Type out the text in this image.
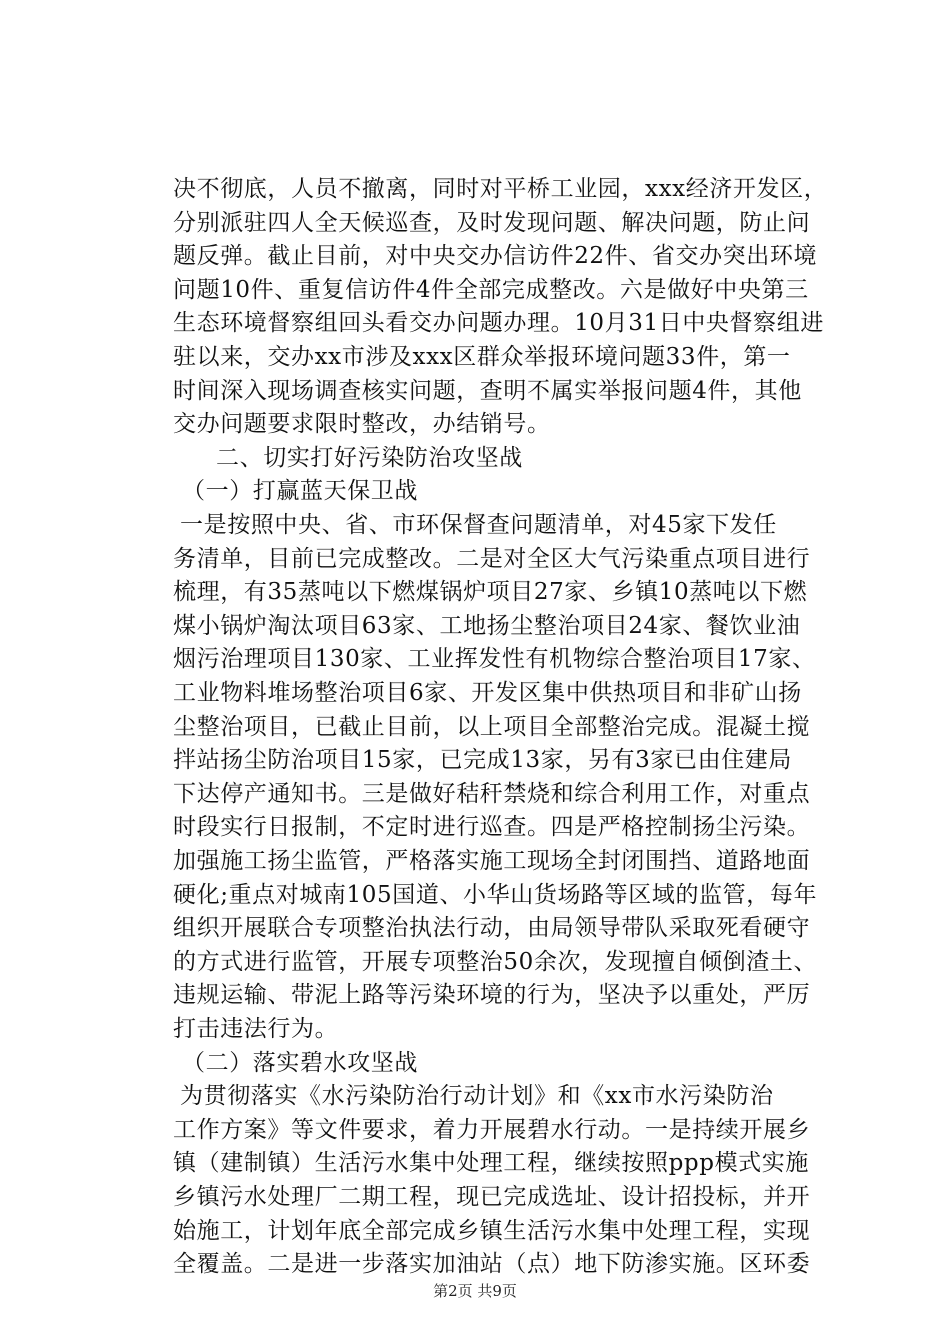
决不彻底，人员不撤离，同时对平桥工业园，xxx经济开发区，
分别派驻四人全天候巡查，及时发现问题、解决问题，防止问
题反弹。截止目前，对中央交办信访件22件、省交办突出环境
问题10件、重复信访件4件全部完成整改。六是做好中央第三
生态环境督察组回头看交办问题办理。10月31日中央督察组进
驻以来，交办xx市涉及xxx区群众举报环境问题33件，第一
时间深入现场调查核实问题，查明不属实举报问题4件，其他
交办问题要求限时整改，办结销号。
二、切实打好污染防治攻坚战
（一）打赢蓝天保卫战
一是按照中央、省、市环保督查问题清单，对45家下发任
务清单，目前已完成整改。二是对全区大气污染重点项目进行
梳理，有35蒸吨以下燃煤锅炉项目27家、乡镇10蒸吨以下燃
煤小锅炉淘汰项目63家、工地扬尘整治项目24家、餐饮业油
烟污治理项目130家、工业挥发性有机物综合整治项目17家、
工业物料堆场整治项目6家、开发区集中供热项目和非矿山扬
尘整治项目，已截止目前，以上项目全部整治完成。混凝土搅
拌站扬尘防治项目15家，已完成13家，另有3家已由住建局
下达停产通知书。三是做好秸秆禁烧和综合利用工作，对重点
时段实行日报制，不定时进行巡查。四是严格控制扬尘污染。
加强施工扬尘监管，严格落实施工现场全封闭围挡、道路地面
硬化;重点对城南105国道、小华山货场路等区域的监管，每年
组织开展联合专项整治执法行动，由局领导带队采取死看硬守
的方式进行监管，开展专项整治50余次，发现擅自倾倒渣土、
违规运输、带泥上路等污染环境的行为，坚决予以重处，严厉
打击违法行为。
（二）落实碧水攻坚战
为贯彻落实《水污染防治行动计划》和《xx市水污染防治
工作方案》等文件要求，着力开展碧水行动。一是持续开展乡
镇（建制镇）生活污水集中处理工程，继续按照ppp模式实施
乡镇污水处理厂二期工程，现已完成选址、设计招投标，并开
始施工，计划年底全部完成乡镇生活污水集中处理工程，实现
全覆盖。二是进一步落实加油站（点）地下防渗实施。区环委
第2页 共9页
